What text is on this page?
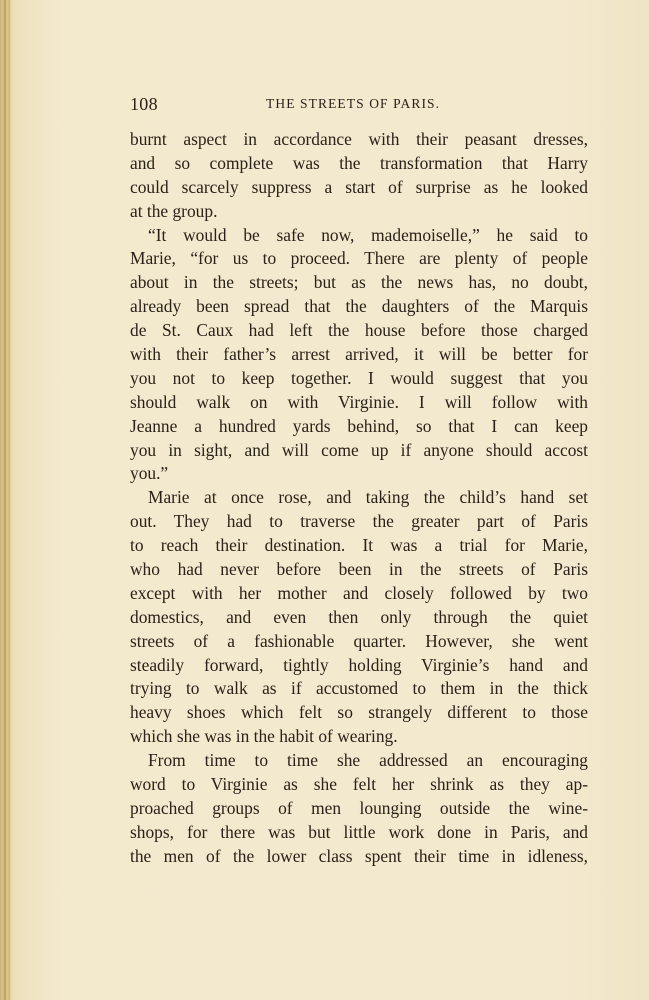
108	THE STREETS OF PARIS.
burnt aspect in accordance with their peasant dresses,
and so complete was the transformation that Harry
could scarcely suppress a start of surprise as he looked
at the group.
“It would be safe now, mademoiselle,” he said to
Marie, “for us to proceed. There are plenty of people
about in the streets; but as the news has, no doubt,
already been spread that the daughters of the Marquis
de St. Caux had left the house before those charged
with their father’s arrest arrived, it will be better for
you not to keep together. I would suggest that you
should walk on with Virginie. I will follow with
Jeanne a hundred yards behind, so that I can keep
you in sight, and will come up if anyone should accost
you.”
Marie at once rose, and taking the child’s hand set
out. They had to traverse the greater part of Paris
to reach their destination. It was a trial for Marie,
who had never before been in the streets of Paris
except with her mother and closely followed by two
domestics, and even then only through the quiet
streets of a fashionable quarter. However, she went
steadily forward, tightly holding Virginie’s hand and
trying to walk as if accustomed to them in the thick
heavy shoes which felt so strangely different to those
which she was in the habit of wearing.
From time to time she addressed an encouraging
word to Virginie as she felt her shrink as they ap-
proached groups of men lounging outside the wine-
shops, for there was but little work done in Paris, and
the men of the lower class spent their time in idleness,
